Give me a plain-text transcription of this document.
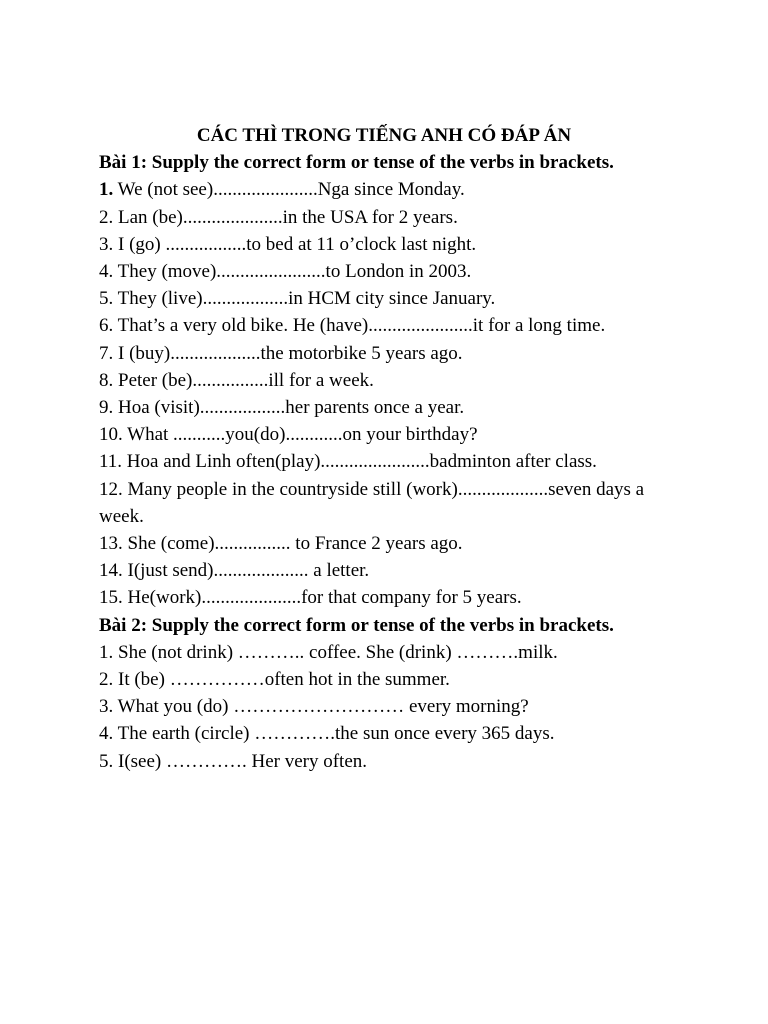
CÁC THÌ TRONG TIẾNG ANH CÓ ĐÁP ÁN

Bài 1: Supply the correct form or tense of the verbs in brackets.

1. We (not see)......................Nga since Monday.

2. Lan (be).....................in the USA for 2 years.

3. I (go) .................to bed at 11 o’clock last night.

4. They (move).......................to London in 2003.

5. They (live)..................in HCM city since January.

6. That’s a very old bike. He (have)......................it for a long time.

7. I (buy)...................the motorbike 5 years ago.

8. Peter (be)................ill for a week.

9. Hoa (visit)..................her parents once a year.

10. What ...........you(do)............on your birthday?

11. Hoa and Linh often(play).......................badminton after class.

12. Many people in the countryside still (work)...................seven days a week.

13. She (come)................ to France 2 years ago.

14. I(just send).................... a letter.

15. He(work).....................for that company for 5 years.

Bài 2: Supply the correct form or tense of the verbs in brackets.

1. She (not drink) ……….. coffee. She (drink) ……….milk.

2. It (be) ……………often hot in the summer.

3. What you (do) ……………………… every morning?

4. The earth (circle) ………….the sun once every 365 days.

5. I(see) …………. Her very often.
